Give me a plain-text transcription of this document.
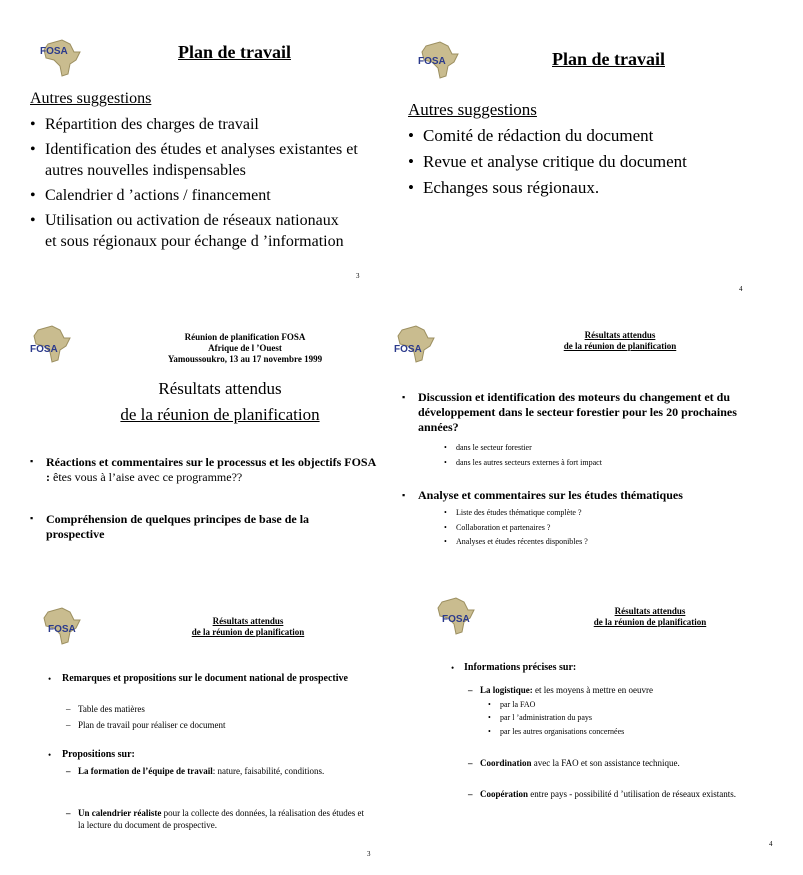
FOSA	Plan de travail
Autres suggestions
• Répartition des charges de travail
• Identification des études et analyses existantes et autres nouvelles indispensables
• Calendrier d ’actions / financement
• Utilisation ou activation de réseaux nationaux et sous régionaux pour échange d ’information
3
FOSA	Plan de travail
Autres suggestions
• Comité de rédaction du document
• Revue et analyse critique du document
• Echanges sous régionaux.
4
FOSA
Réunion de planification FOSA
Afrique de l ’Ouest
Yamoussoukro, 13 au 17 novembre 1999
Résultats attendus
de la réunion de planification
▪ Réactions et commentaires sur le processus et les objectifs FOSA : êtes vous à l’aise avec ce programme??
▪ Compréhension de quelques principes de base de la prospective
FOSA
Résultats attendus
de la réunion de planification
▪ Discussion et identification des moteurs du changement et du développement dans le secteur forestier pour les 20 prochaines années?
•	dans le secteur forestier
•	dans les autres secteurs externes à fort impact
▪ Analyse et commentaires sur les études thématiques
•	Liste des études thématique complète ?
•	Collaboration et partenaires ?
•	Analyses et études récentes disponibles ?
FOSA
Résultats attendus
de la réunion de planification
• Remarques et propositions sur le document national de prospective
– Table des matières
– Plan de travail pour réaliser ce document
• Propositions sur:
– La formation de l’équipe de travail: nature, faisabilité, conditions.
– Un calendrier réaliste pour la collecte des données, la réalisation des études et la lecture du document de prospective.
3
FOSA
Résultats attendus
de la réunion de planification
• Informations précises sur:
– La logistique: et les moyens à mettre en oeuvre
•	par la FAO
•	par l ’administration du pays
•	par les autres organisations concernées
– Coordination avec la FAO et son assistance technique.
– Coopération entre pays - possibilité d ’utilisation de réseaux existants.
4
